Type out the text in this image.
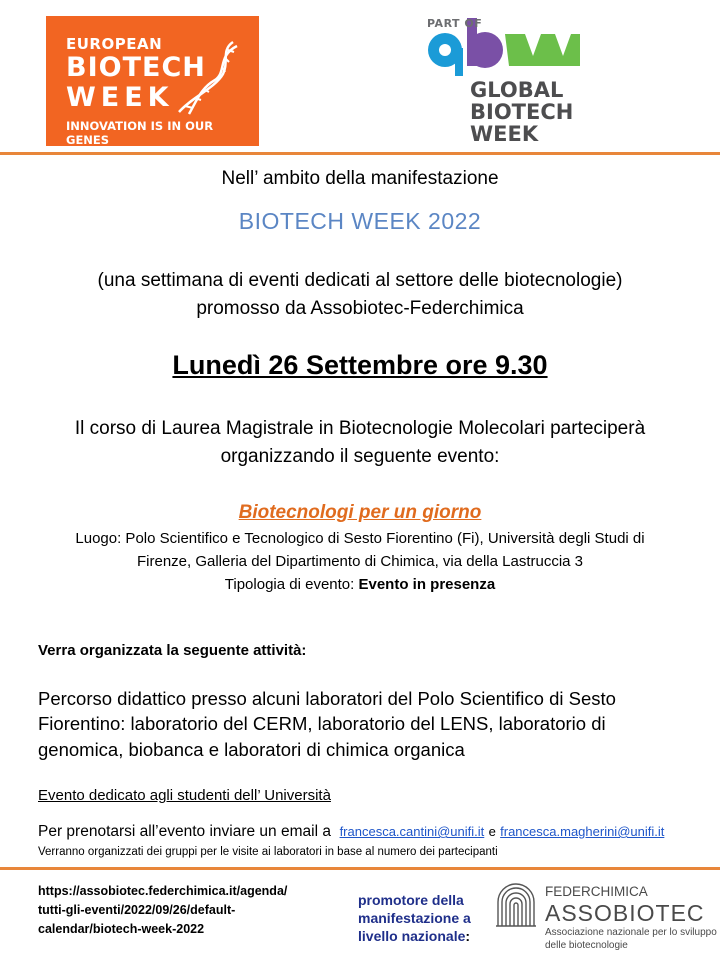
EUROPEAN
BIOTECH
WEEK
INNOVATION IS IN OUR GENES
PART OF
GLOBAL
BIOTECH
WEEK
Nell’ ambito della manifestazione
BIOTECH WEEK 2022
(una settimana di eventi dedicati al settore delle biotecnologie)
promosso da Assobiotec-Federchimica
Lunedì 26 Settembre ore 9.30
Il corso di Laurea Magistrale in Biotecnologie Molecolari parteciperà
organizzando il seguente evento:
Biotecnologi per un giorno
Luogo: Polo Scientifico e Tecnologico di Sesto Fiorentino (Fi), Università degli Studi di
Firenze, Galleria del Dipartimento di Chimica, via della Lastruccia 3
Tipologia di evento: Evento in presenza
Verra organizzata la seguente attività:
Percorso didattico presso alcuni laboratori del Polo Scientifico di Sesto
Fiorentino: laboratorio del CERM, laboratorio del LENS, laboratorio di
genomica, biobanca e laboratori di chimica organica
Evento dedicato agli studenti dell’ Università
Per prenotarsi all’evento inviare un email a francesca.cantini@unifi.it e francesca.magherini@unifi.it
Verranno organizzati dei gruppi per le visite ai laboratori in base al numero dei partecipanti
https://assobiotec.federchimica.it/agenda/
tutti-gli-eventi/2022/09/26/default-
calendar/biotech-week-2022
promotore della
manifestazione a
livello nazionale:
FEDERCHIMICA
ASSOBIOTEC
Associazione nazionale per lo sviluppo
delle biotecnologie
